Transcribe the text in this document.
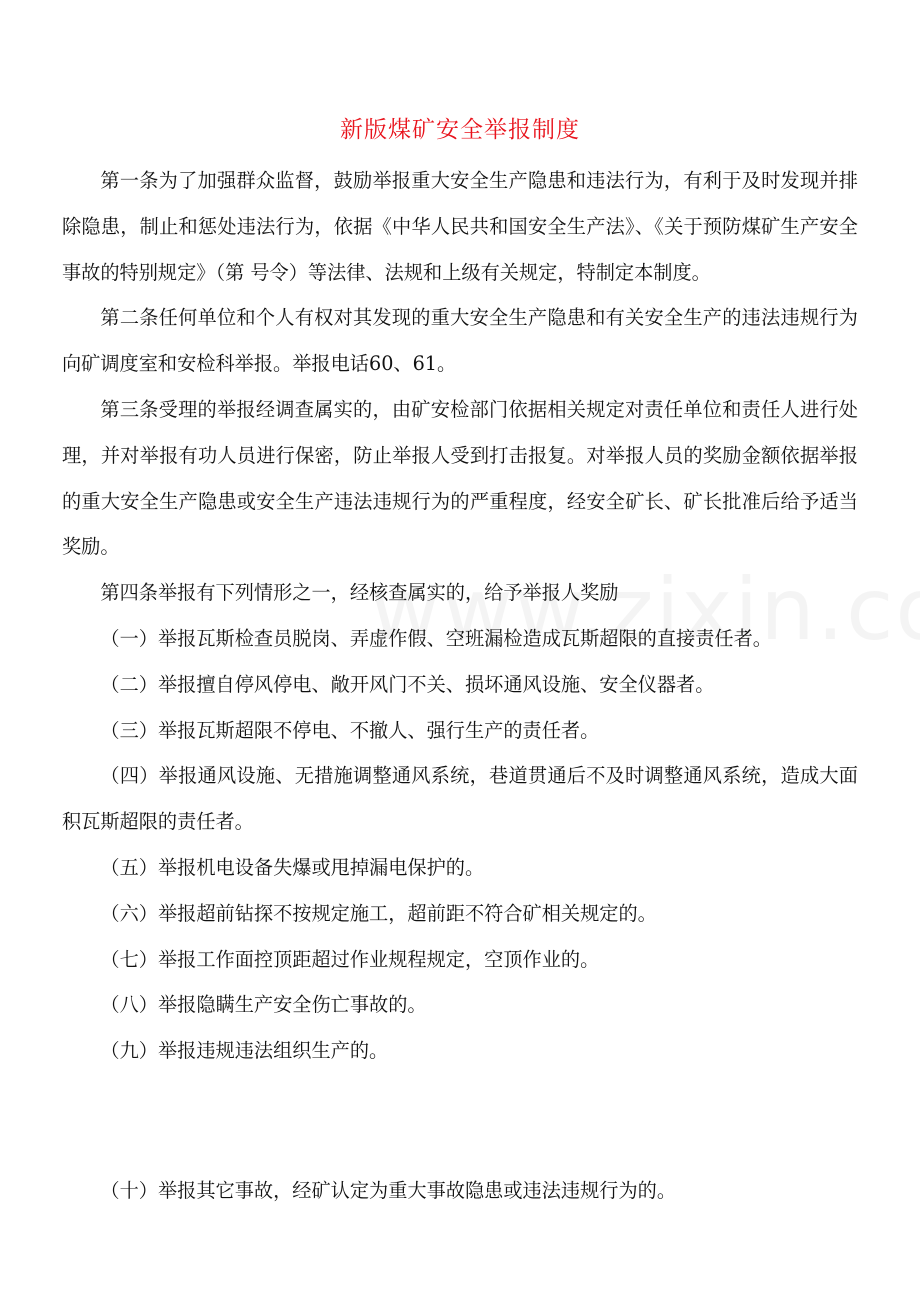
新版煤矿安全举报制度

第一条为了加强群众监督，鼓励举报重大安全生产隐患和违法行为，有利于及时发现并排除隐患，制止和惩处违法行为，依据《中华人民共和国安全生产法》、《关于预防煤矿生产安全事故的特别规定》（第 号令）等法律、法规和上级有关规定，特制定本制度。

第二条任何单位和个人有权对其发现的重大安全生产隐患和有关安全生产的违法违规行为向矿调度室和安检科举报。举报电话60、61。

第三条受理的举报经调查属实的，由矿安检部门依据相关规定对责任单位和责任人进行处理，并对举报有功人员进行保密，防止举报人受到打击报复。对举报人员的奖励金额依据举报的重大安全生产隐患或安全生产违法违规行为的严重程度，经安全矿长、矿长批准后给予适当奖励。

第四条举报有下列情形之一，经核查属实的，给予举报人奖励

（一）举报瓦斯检查员脱岗、弄虚作假、空班漏检造成瓦斯超限的直接责任者。

（二）举报擅自停风停电、敞开风门不关、损坏通风设施、安全仪器者。

（三）举报瓦斯超限不停电、不撤人、强行生产的责任者。

（四）举报通风设施、无措施调整通风系统，巷道贯通后不及时调整通风系统，造成大面积瓦斯超限的责任者。

（五）举报机电设备失爆或甩掉漏电保护的。

（六）举报超前钻探不按规定施工，超前距不符合矿相关规定的。

（七）举报工作面控顶距超过作业规程规定，空顶作业的。

（八）举报隐瞒生产安全伤亡事故的。

（九）举报违规违法组织生产的。

（十）举报其它事故，经矿认定为重大事故隐患或违法违规行为的。
